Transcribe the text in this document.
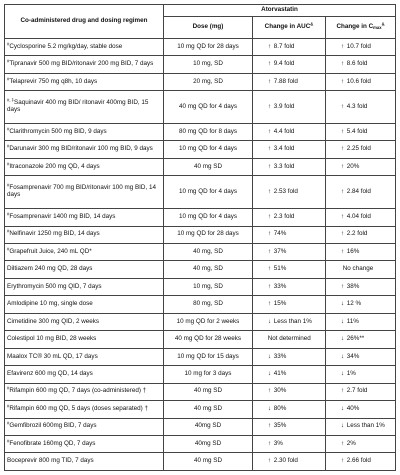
Co-administered drug and dosing regimen	Atorvastatin		
	Dose (mg)	Change in AUC&	Change in $C_{max}^{\&}$
#Cyclosporine 5.2 mg/kg/day, stable dose	10 mg QD for 28 days	↑ 8.7 fold	↑ 10.7 fold
#Tipranavir 500 mg BID/ritonavir 200 mg BID, 7 days	10 mg, SD	↑ 9.4 fold	↑ 8.6 fold
#Telaprevir 750 mg q8h, 10 days	20 mg, SD	↑ 7.88 fold	↑ 10.6 fold
#, ‡Saquinavir 400 mg BID/ ritonavir 400mg BID, 15 days	40 mg QD for 4 days	↑ 3.9 fold	↑ 4.3 fold
#Clarithromycin 500 mg BID, 9 days	80 mg QD for 8 days	↑ 4.4 fold	↑ 5.4 fold
#Darunavir 300 mg BID/ritonavir 100 mg BID, 9 days	10 mg QD for 4 days	↑ 3.4 fold	↑ 2.25 fold
#Itraconazole 200 mg QD, 4 days	40 mg SD	↑ 3.3 fold	↑ 20%
#Fosamprenavir 700 mg BID/ritonavir 100 mg BID, 14 days	10 mg QD for 4 days	↑ 2.53 fold	↑ 2.84 fold
#Fosamprenavir 1400 mg BID, 14 days	10 mg QD for 4 days	↑ 2.3 fold	↑ 4.04 fold
#Nelfinavir 1250 mg BID, 14 days	10 mg QD for 28 days	↑ 74%	↑ 2.2 fold
#Grapefruit Juice, 240 mL QD*	40 mg, SD	↑ 37%	↑ 16%
Diltiazem 240 mg QD, 28 days	40 mg, SD	↑ 51%	No change
Erythromycin 500 mg QID, 7 days	10 mg, SD	↑ 33%	↑ 38%
Amlodipine 10 mg, single dose	80 mg, SD	↑ 15%	↓ 12 %
Cimetidine 300 mg QID, 2 weeks	10 mg QD for 2 weeks	↓ Less than 1%	↓ 11%
Colestipol 10 mg BID, 28 weeks	40 mg QD for 28 weeks	Not determined	↓ 26%**
Maalox TC® 30 mL QD, 17 days	10 mg QD for 15 days	↓ 33%	↓ 34%
Efavirenz 600 mg QD, 14 days	10 mg for 3 days	↓ 41%	↓ 1%
#Rifampin 600 mg QD, 7 days (co-administered) †	40 mg SD	↑ 30%	↑ 2.7 fold
#Rifampin 600 mg QD, 5 days (doses separated) †	40 mg SD	↓ 80%	↓ 40%
#Gemfibrozil 600mg BID, 7 days	40mg SD	↑ 35%	↓ Less than 1%
#Fenofibrate 160mg QD, 7 days	40mg SD	↑ 3%	↑ 2%
Boceprevir 800 mg TID, 7 days	40 mg SD	↑ 2.30 fold	↑ 2.66 fold
